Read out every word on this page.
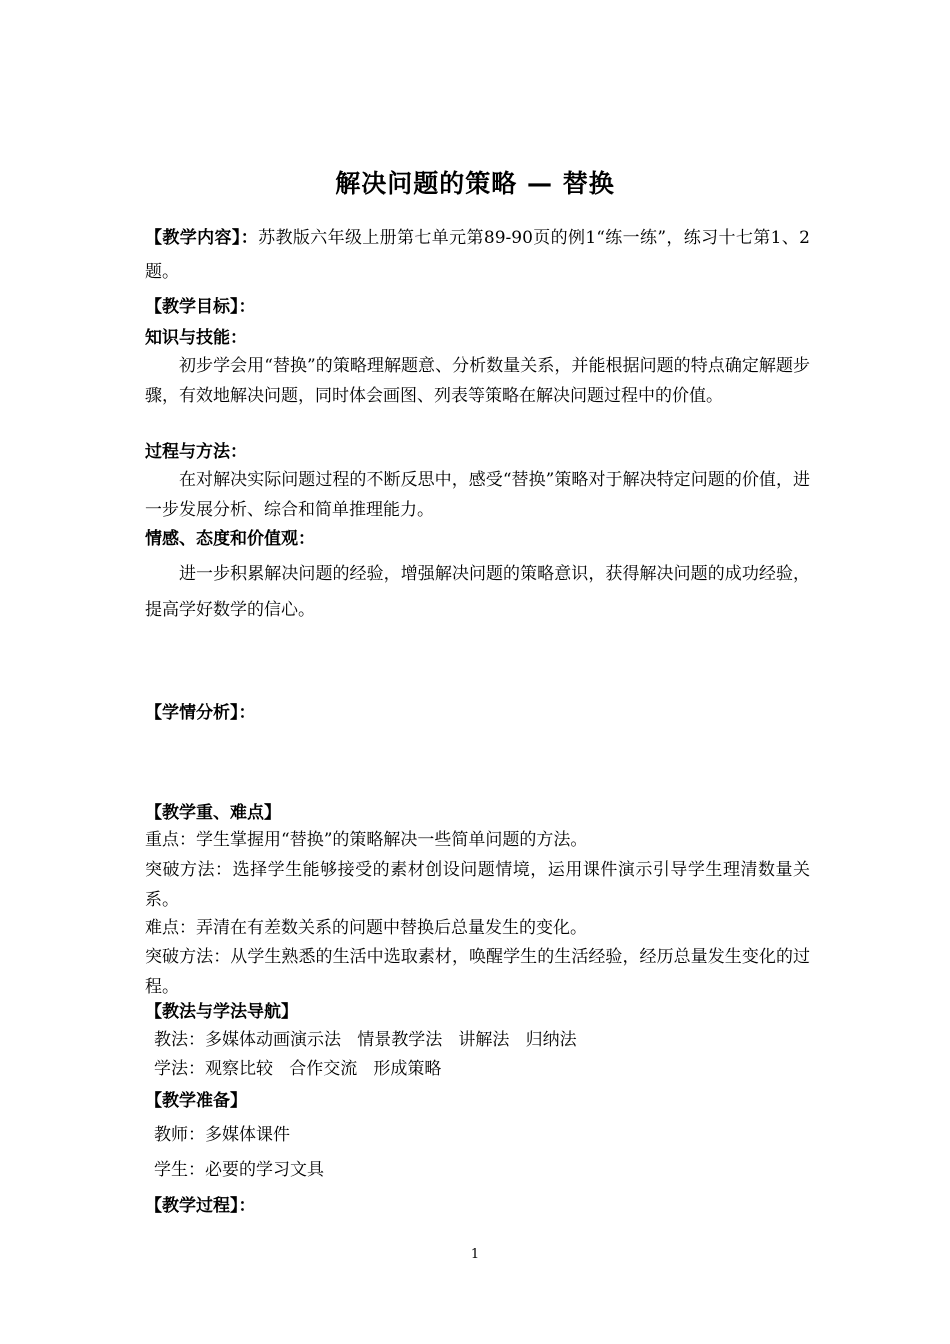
解决问题的策略 — 替换
【教学内容】：苏教版六年级上册第七单元第89-90页的例1“练一练”，练习十七第1、2题。
【教学目标】：
知识与技能：
初步学会用“替换”的策略理解题意、分析数量关系，并能根据问题的特点确定解题步骤，有效地解决问题，同时体会画图、列表等策略在解决问题过程中的价值。
过程与方法：
在对解决实际问题过程的不断反思中，感受“替换”策略对于解决特定问题的价值，进一步发展分析、综合和简单推理能力。
情感、态度和价值观：
进一步积累解决问题的经验，增强解决问题的策略意识，获得解决问题的成功经验，提高学好数学的信心。
【学情分析】：
【教学重、难点】
重点：学生掌握用“替换”的策略解决一些简单问题的方法。
突破方法：选择学生能够接受的素材创设问题情境，运用课件演示引导学生理清数量关系。
难点：弄清在有差数关系的问题中替换后总量发生的变化。
突破方法：从学生熟悉的生活中选取素材，唤醒学生的生活经验，经历总量发生变化的过程。
【教法与学法导航】
教法：多媒体动画演示法   情景教学法   讲解法   归纳法
学法：观察比较   合作交流   形成策略
【教学准备】
教师：多媒体课件
学生：必要的学习文具
【教学过程】：
1
